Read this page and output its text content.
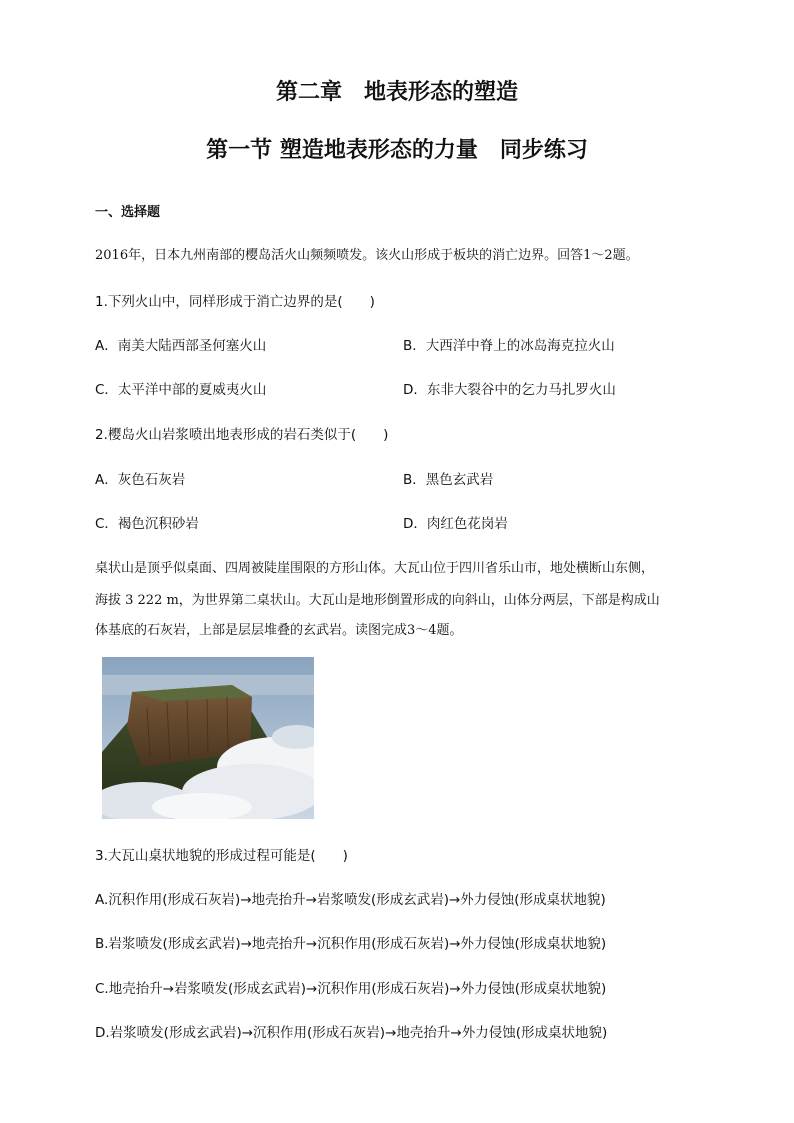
第二章　地表形态的塑造
第一节 塑造地表形态的力量　同步练习
一、选择题
2016年，日本九州南部的樱岛活火山频频喷发。该火山形成于板块的消亡边界。回答1～2题。
1.下列火山中，同样形成于消亡边界的是(　　)
A．南美大陆西部圣何塞火山	B．大西洋中脊上的冰岛海克拉火山
C．太平洋中部的夏威夷火山	D．东非大裂谷中的乞力马扎罗火山
2.樱岛火山岩浆喷出地表形成的岩石类似于(　　)
A．灰色石灰岩	B．黑色玄武岩
C．褐色沉积砂岩	D．肉红色花岗岩
桌状山是顶乎似桌面、四周被陡崖围限的方形山体。大瓦山位于四川省乐山市，地处横断山东侧，
海拔 3 222 m，为世界第二桌状山。大瓦山是地形倒置形成的向斜山，山体分两层，下部是构成山
体基底的石灰岩，上部是层层堆叠的玄武岩。读图完成3～4题。
3.大瓦山桌状地貌的形成过程可能是(　　)
A.沉积作用(形成石灰岩)→地壳抬升→岩浆喷发(形成玄武岩)→外力侵蚀(形成桌状地貌)
B.岩浆喷发(形成玄武岩)→地壳抬升→沉积作用(形成石灰岩)→外力侵蚀(形成桌状地貌)
C.地壳抬升→岩浆喷发(形成玄武岩)→沉积作用(形成石灰岩)→外力侵蚀(形成桌状地貌)
D.岩浆喷发(形成玄武岩)→沉积作用(形成石灰岩)→地壳抬升→外力侵蚀(形成桌状地貌)
